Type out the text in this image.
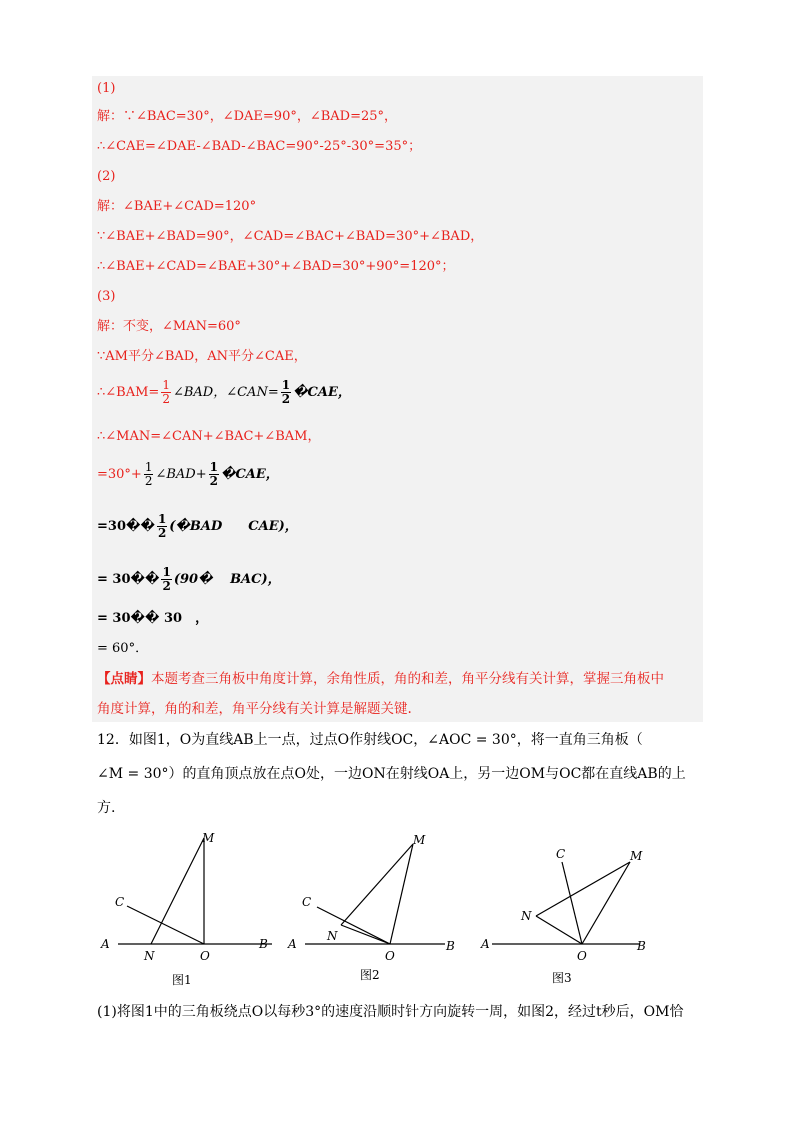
(1)
解：∵∠BAC=30°，∠DAE=90°，∠BAD=25°，
∴∠CAE=∠DAE-∠BAD-∠BAC=90°-25°-30°=35°；
(2)
解：∠BAE+∠CAD=120°
∵∠BAE+∠BAD=90°，∠CAD=∠BAC+∠BAD=30°+∠BAD，
∴∠BAE+∠CAD=∠BAE+30°+∠BAD=30°+90°=120°；
(3)
解：不变，∠MAN=60°
∵AM平分∠BAD，AN平分∠CAE，
∴∠BAM= $\frac{1}{2}$ ∠BAD，∠CAN= $\frac{1}{2}$ �CAE，
∴∠MAN=∠CAN+∠BAC+∠BAM，
$=30^\circ+ \frac{1}{2}$ ∠BAD+ $\frac{1}{2}$ �CAE，
=30�� $\frac{1}{2}$ (�BAD　　CAE)，
= 30�� $\frac{1}{2}$ (90�　 BAC)，
= 30�� 30　，
= 60°．
【点睛】本题考查三角板中角度计算，余角性质，角的和差，角平分线有关计算，掌握三角板中
角度计算，角的和差，角平分线有关计算是解题关键.
12．如图1，O为直线AB上一点，过点O作射线OC，∠AOC = 30°，将一直角三角板（
∠M = 30°）的直角顶点放在点O处，一边ON在射线OA上，另一边OM与OC都在直线AB的上
方.
A	B
C
M
N	O
图1
A	B
C
M
N
O
图2
A	B
C	M
N
O
图3
(1)将图1中的三角板绕点O以每秒3°的速度沿顺时针方向旋转一周，如图2，经过t秒后，OM恰
